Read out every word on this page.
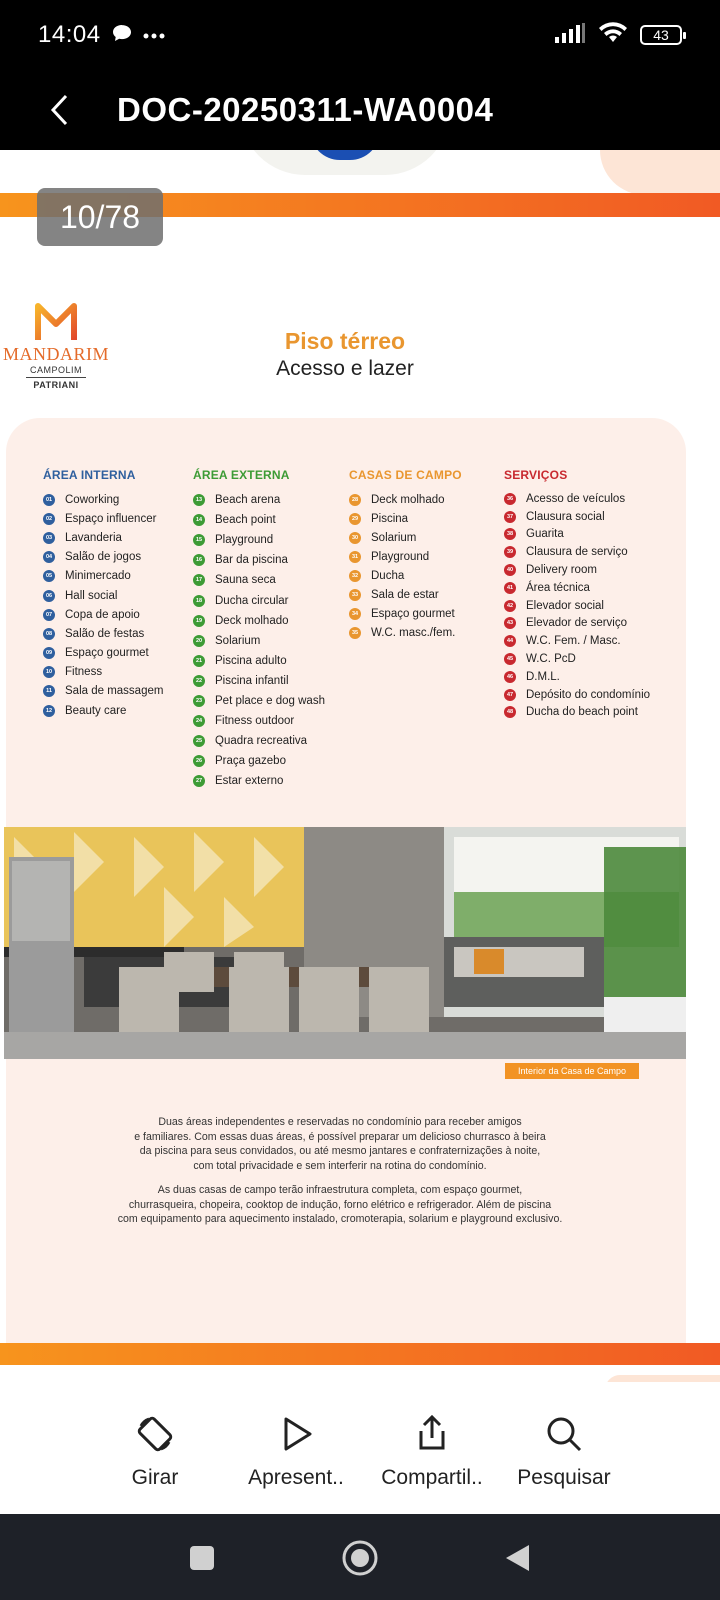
14:04	43
DOC-20250311-WA0004
10/78
MANDARIM
CAMPOLIM
PATRIANI
Piso térreo
Acesso e lazer
ÁREA INTERNA
01 Coworking
02 Espaço influencer
03 Lavanderia
04 Salão de jogos
05 Minimercado
06 Hall social
07 Copa de apoio
08 Salão de festas
09 Espaço gourmet
10 Fitness
11 Sala de massagem
12 Beauty care
ÁREA EXTERNA
13 Beach arena
14 Beach point
15 Playground
16 Bar da piscina
17 Sauna seca
18 Ducha circular
19 Deck molhado
20 Solarium
21 Piscina adulto
22 Piscina infantil
23 Pet place e dog wash
24 Fitness outdoor
25 Quadra recreativa
26 Praça gazebo
27 Estar externo
CASAS DE CAMPO
28 Deck molhado
29 Piscina
30 Solarium
31 Playground
32 Ducha
33 Sala de estar
34 Espaço gourmet
35 W.C. masc./fem.
SERVIÇOS
36 Acesso de veículos
37 Clausura social
38 Guarita
39 Clausura de serviço
40 Delivery room
41 Área técnica
42 Elevador social
43 Elevador de serviço
44 W.C. Fem. / Masc.
45 W.C. PcD
46 D.M.L.
47 Depósito do condomínio
48 Ducha do beach point
Interior da Casa de Campo

Duas áreas independentes e reservadas no condomínio para receber amigos
e familiares. Com essas duas áreas, é possível preparar um delicioso churrasco à beira
da piscina para seus convidados, ou até mesmo jantares e confraternizações à noite,
com total privacidade e sem interferir na rotina do condomínio.

As duas casas de campo terão infraestrutura completa, com espaço gourmet,
churrasqueira, chopeira, cooktop de indução, forno elétrico e refrigerador. Além de piscina
com equipamento para aquecimento instalado, cromoterapia, solarium e playground exclusivo.

Girar	Apresent.. Compartil.. Pesquisar
